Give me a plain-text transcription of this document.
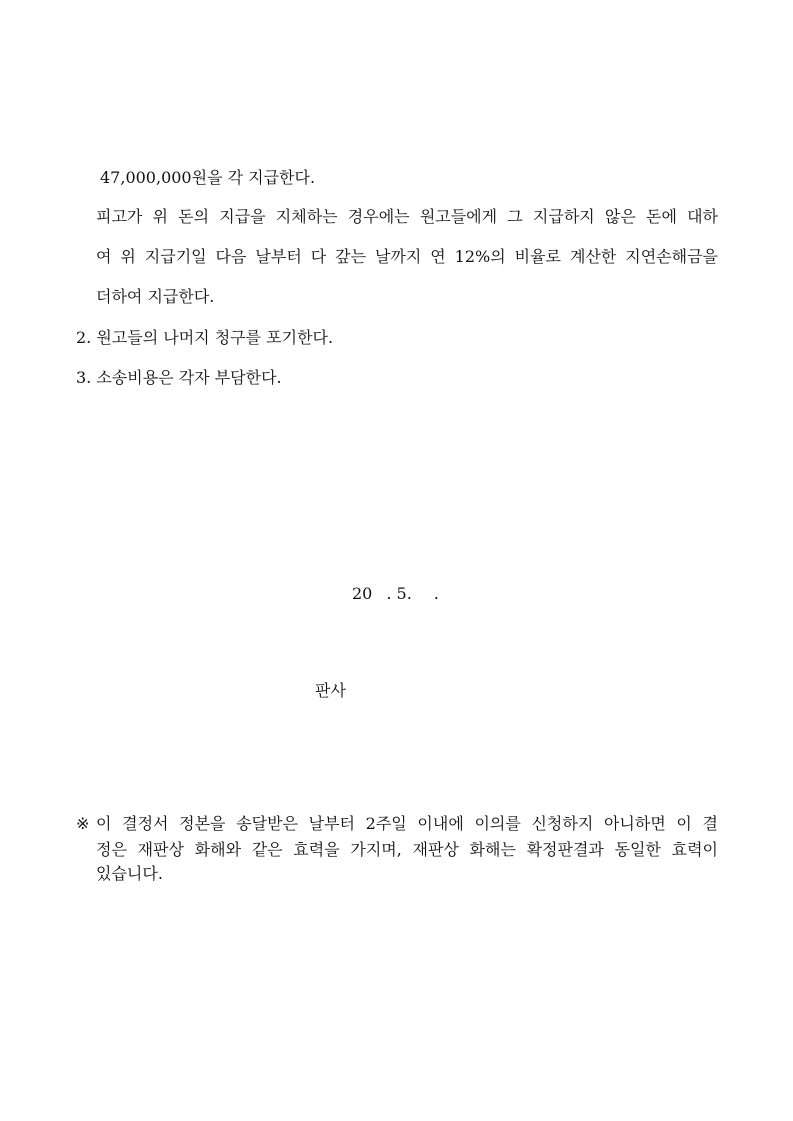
47,000,000원을 각 지급한다.
피고가 위 돈의 지급을 지체하는 경우에는 원고들에게 그 지급하지 않은 돈에 대하
여 위 지급기일 다음 날부터 다 갚는 날까지 연 12%의 비율로 계산한 지연손해금을
더하여 지급한다.
2. 원고들의 나머지 청구를 포기한다.
3. 소송비용은 각자 부담한다.
20 . 5. .
판사
※ 이 결정서 정본을 송달받은 날부터 2주일 이내에 이의를 신청하지 아니하면 이 결
정은 재판상 화해와 같은 효력을 가지며, 재판상 화해는 확정판결과 동일한 효력이
있습니다.
